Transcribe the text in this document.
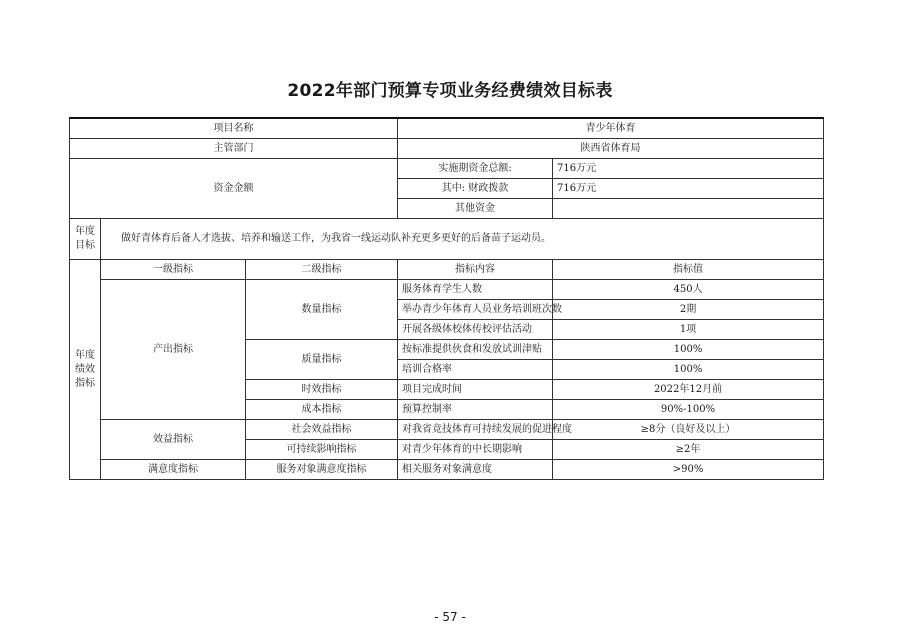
2022年部门预算专项业务经费绩效目标表
项目名称			青少年体育	
主管部门			陕西省体育局	
资金金额			实施期资金总额:	716万元
			其中: 财政拨款	716万元
			其他资金	
年度目标	做好青体育后备人才选拔、培养和输送工作，为我省一线运动队补充更多更好的后备苗子运动员。			
年度绩效指标	一级指标	二级指标	指标内容	指标值
	产出指标	数量指标	服务体育学生人数	450人
			举办青少年体育人员业务培训班次数	2期
			开展各级体校体传校评估活动	1项
		质量指标	按标准提供伙食和发放试训津贴	100%
			培训合格率	100%
		时效指标	项目完成时间	2022年12月前
		成本指标	预算控制率	90%-100%
	效益指标	社会效益指标	对我省竞技体育可持续发展的促进程度	≥8分（良好及以上）
		可持续影响指标	对青少年体育的中长期影响	≥2年
	满意度指标	服务对象满意度指标	相关服务对象满意度	>90%
- 57 -
